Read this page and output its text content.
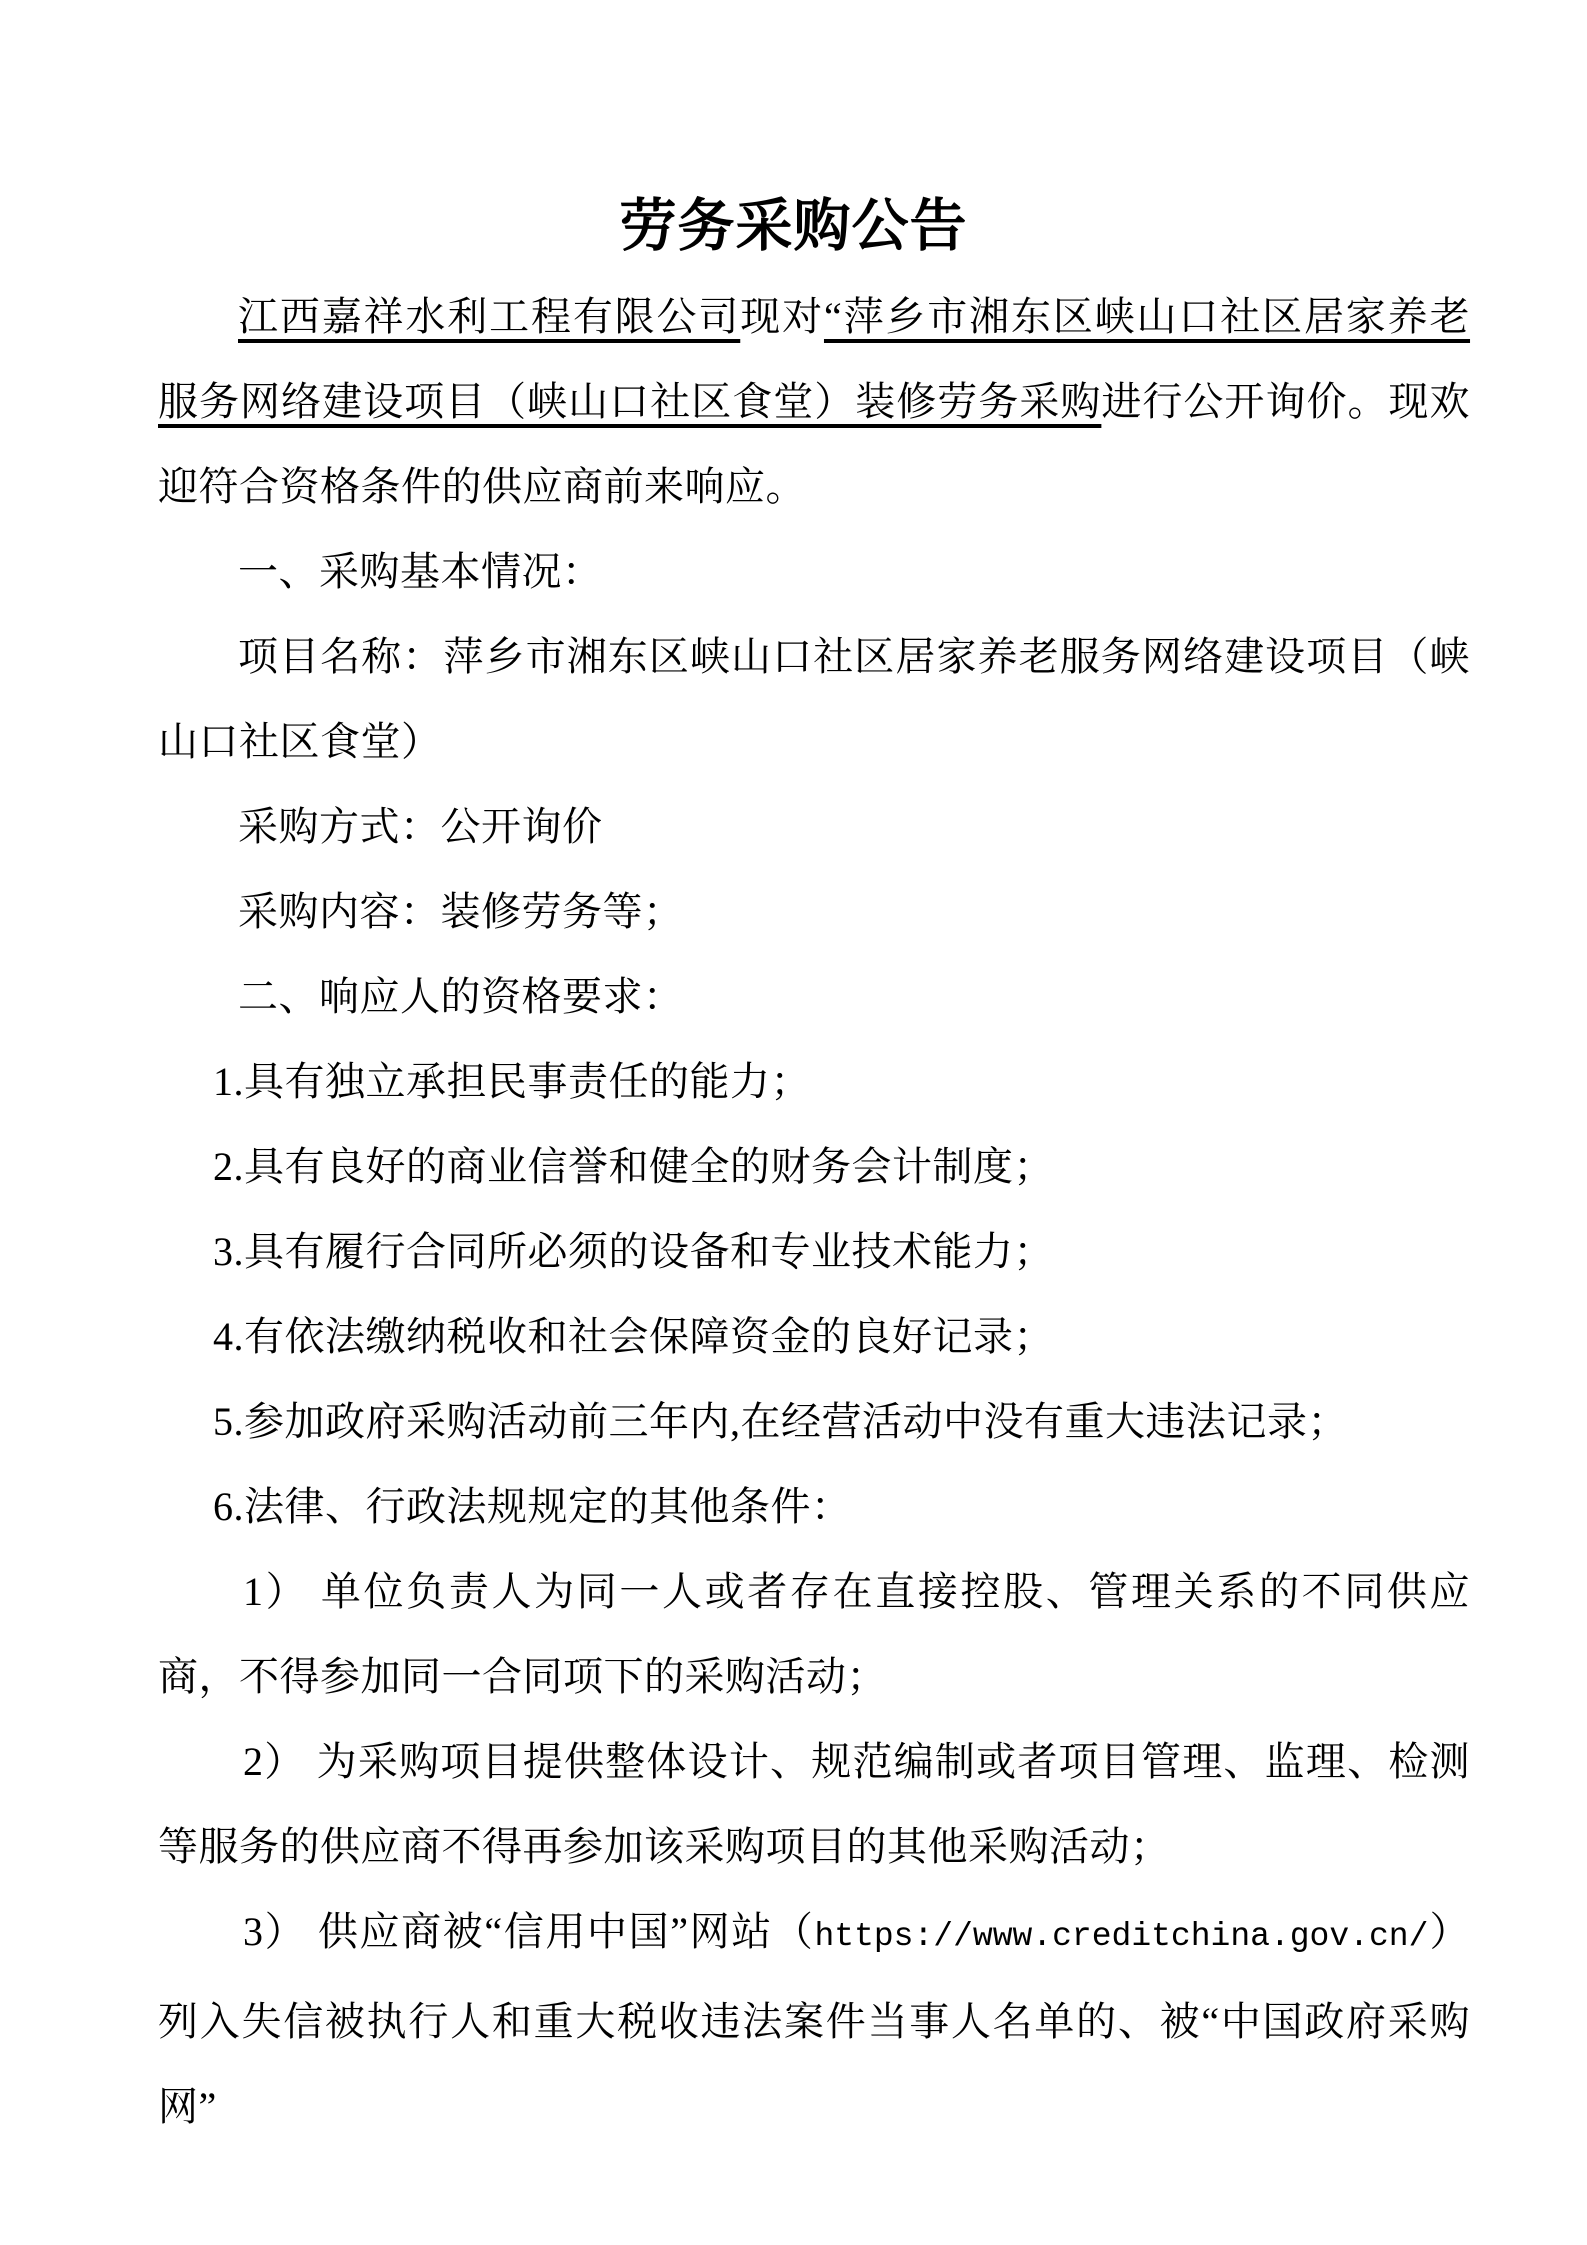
劳务采购公告

江西嘉祥水利工程有限公司现对“萍乡市湘东区峡山口社区居家养老服务网络建设项目（峡山口社区食堂）装修劳务采购进行公开询价。现欢迎符合资格条件的供应商前来响应。

一、采购基本情况：

项目名称：萍乡市湘东区峡山口社区居家养老服务网络建设项目（峡山口社区食堂）

采购方式：公开询价

采购内容：装修劳务等；

二、响应人的资格要求：

1.具有独立承担民事责任的能力；

2.具有良好的商业信誉和健全的财务会计制度；

3.具有履行合同所必须的设备和专业技术能力；

4.有依法缴纳税收和社会保障资金的良好记录；

5.参加政府采购活动前三年内,在经营活动中没有重大违法记录；

6.法律、行政法规规定的其他条件：

1） 单位负责人为同一人或者存在直接控股、管理关系的不同供应商，不得参加同一合同项下的采购活动；

2） 为采购项目提供整体设计、规范编制或者项目管理、监理、检测等服务的供应商不得再参加该采购项目的其他采购活动；

3） 供应商被“信用中国”网站（https://www.creditchina.gov.cn/）列入失信被执行人和重大税收违法案件当事人名单的、被“中国政府采购网”
